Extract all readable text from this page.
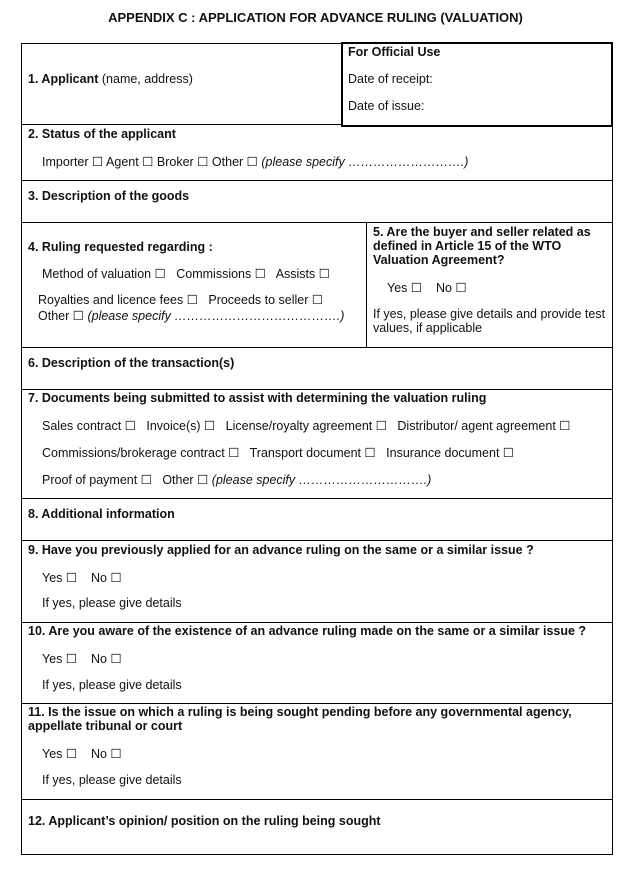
APPENDIX C : APPLICATION FOR ADVANCE RULING (VALUATION)
For Official Use
Date of receipt:
Date of issue:
1. Applicant (name, address)
2. Status of the applicant
Importer ☐ Agent ☐ Broker ☐ Other ☐ (please specify ……………………….)
3. Description of the goods
4. Ruling requested regarding :
Method of valuation ☐ Commissions ☐ Assists ☐
Royalties and licence fees ☐ Proceeds to seller ☐
Other ☐ (please specify ………………………………….)
5. Are the buyer and seller related as
defined in Article 15 of the WTO
Valuation Agreement?
Yes ☐ No ☐
If yes, please give details and provide test
values, if applicable
6. Description of the transaction(s)
7. Documents being submitted to assist with determining the valuation ruling
Sales contract ☐ Invoice(s) ☐ License/royalty agreement ☐ Distributor/ agent agreement ☐
Commissions/brokerage contract ☐ Transport document ☐ Insurance document ☐
Proof of payment ☐ Other ☐ (please specify ………………………….)
8. Additional information
9. Have you previously applied for an advance ruling on the same or a similar issue ?
Yes ☐ No ☐
If yes, please give details
10. Are you aware of the existence of an advance ruling made on the same or a similar issue ?
Yes ☐ No ☐
If yes, please give details
11. Is the issue on which a ruling is being sought pending before any governmental agency,
appellate tribunal or court
Yes ☐ No ☐
If yes, please give details
12. Applicant’s opinion/ position on the ruling being sought
